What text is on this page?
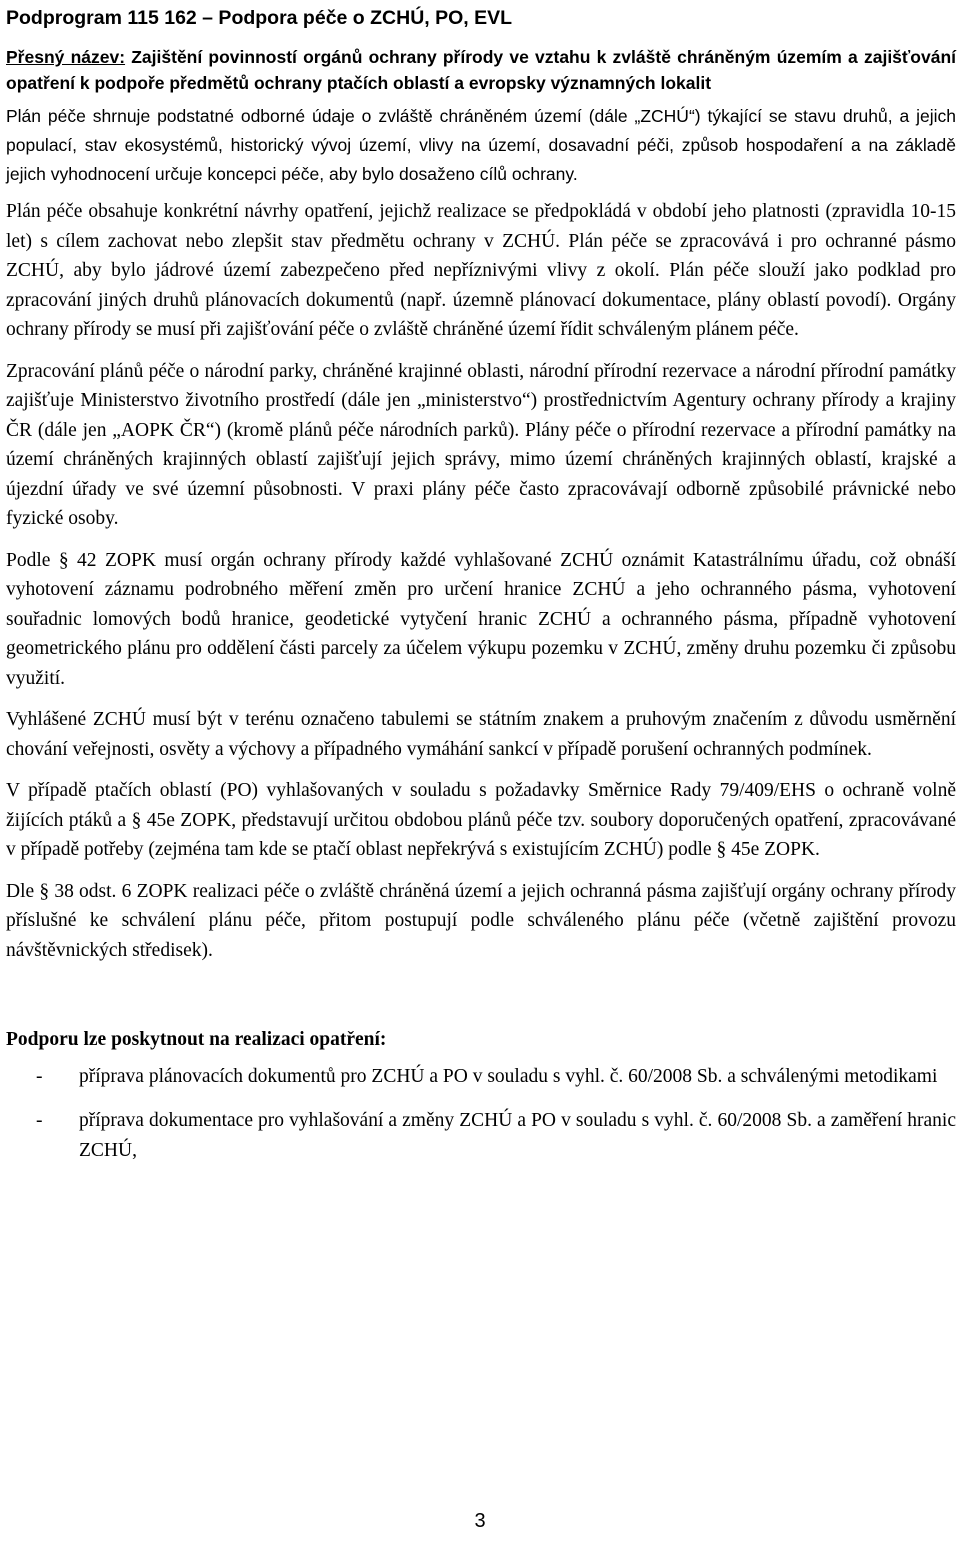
Podprogram 115 162 – Podpora péče o ZCHÚ, PO, EVL
Přesný název: Zajištění povinností orgánů ochrany přírody ve vztahu k zvláště chráněným územím a zajišťování opatření k podpoře předmětů ochrany ptačích oblastí a evropsky významných lokalit

Plán péče shrnuje podstatné odborné údaje o zvláště chráněném území (dále „ZCHÚ“) týkající se stavu druhů, a jejich populací, stav ekosystémů, historický vývoj území, vlivy na území, dosavadní péči, způsob hospodaření a na základě jejich vyhodnocení určuje koncepci péče, aby bylo dosaženo cílů ochrany.

Plán péče obsahuje konkrétní návrhy opatření, jejichž realizace se předpokládá v období jeho platnosti (zpravidla 10-15 let) s cílem zachovat nebo zlepšit stav předmětu ochrany v ZCHÚ. Plán péče se zpracovává i pro ochranné pásmo ZCHÚ, aby bylo jádrové území zabezpečeno před nepříznivými vlivy z okolí. Plán péče slouží jako podklad pro zpracování jiných druhů plánovacích dokumentů (např. územně plánovací dokumentace, plány oblastí povodí). Orgány ochrany přírody se musí při zajišťování péče o zvláště chráněné území řídit schváleným plánem péče.

Zpracování plánů péče o národní parky, chráněné krajinné oblasti, národní přírodní rezervace a národní přírodní památky zajišťuje Ministerstvo životního prostředí (dále jen „ministerstvo“) prostřednictvím Agentury ochrany přírody a krajiny ČR (dále jen „AOPK ČR“) (kromě plánů péče národních parků). Plány péče o přírodní rezervace a přírodní památky na území chráněných krajinných oblastí zajišťují jejich správy, mimo území chráněných krajinných oblastí, krajské a újezdní úřady ve své územní působnosti. V praxi plány péče často zpracovávají odborně způsobilé právnické nebo fyzické osoby.

Podle § 42 ZOPK musí orgán ochrany přírody každé vyhlašované ZCHÚ oznámit Katastrálnímu úřadu, což obnáší vyhotovení záznamu podrobného měření změn pro určení hranice ZCHÚ a jeho ochranného pásma, vyhotovení souřadnic lomových bodů hranice, geodetické vytyčení hranic ZCHÚ a ochranného pásma, případně vyhotovení geometrického plánu pro oddělení části parcely za účelem výkupu pozemku v ZCHÚ, změny druhu pozemku či způsobu využití.

Vyhlášené ZCHÚ musí být v terénu označeno tabulemi se státním znakem a pruhovým značením z důvodu usměrnění chování veřejnosti, osvěty a výchovy a případného vymáhání sankcí v případě porušení ochranných podmínek.

V případě ptačích oblastí (PO) vyhlašovaných v souladu s požadavky Směrnice Rady 79/409/EHS o ochraně volně žijících ptáků a § 45e ZOPK, představují určitou obdobou plánů péče tzv. soubory doporučených opatření, zpracovávané v případě potřeby (zejména tam kde se ptačí oblast nepřekrývá s existujícím ZCHÚ) podle § 45e ZOPK.

Dle § 38 odst. 6 ZOPK realizaci péče o zvláště chráněná území a jejich ochranná pásma zajišťují orgány ochrany přírody příslušné ke schválení plánu péče, přitom postupují podle schváleného plánu péče (včetně zajištění provozu návštěvnických středisek).

Podporu lze poskytnout na realizaci opatření:
- příprava plánovacích dokumentů pro ZCHÚ a PO v souladu s vyhl. č. 60/2008 Sb. a schválenými metodikami
- příprava dokumentace pro vyhlašování a změny ZCHÚ a PO v souladu s vyhl. č. 60/2008 Sb. a zaměření hranic ZCHÚ,
3
